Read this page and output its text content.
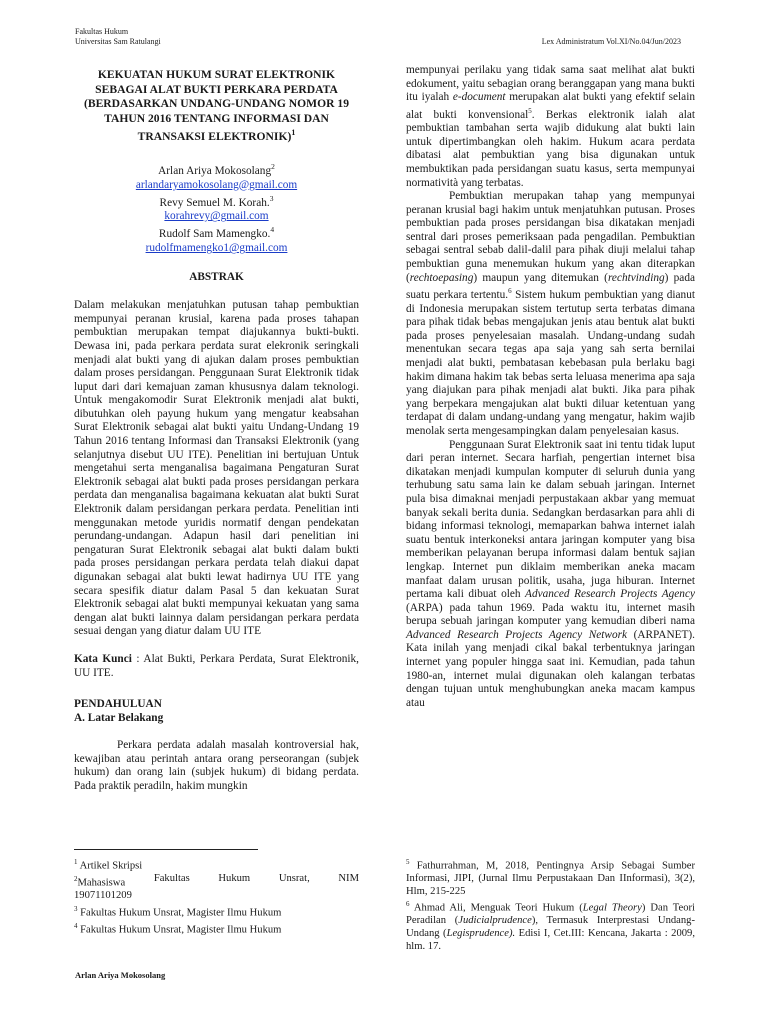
Fakultas Hukum
Universitas Sam Ratulangi	Lex Administratum Vol.XI/No.04/Jun/2023
KEKUATAN HUKUM SURAT ELEKTRONIK SEBAGAI ALAT BUKTI PERKARA PERDATA (BERDASARKAN UNDANG-UNDANG NOMOR 19 TAHUN 2016 TENTANG INFORMASI DAN TRANSAKSI ELEKTRONIK)$^1$
Arlan Ariya Mokosolang$^2$
arlandaryamokosolang@gmail.com
Revy Semuel M. Korah.$^3$
korahrevy@gmail.com
Rudolf Sam Mamengko.$^4$
rudolfmamengko1@gmail.com
ABSTRAK

Dalam melakukan menjatuhkan putusan tahap pembuktian mempunyai peranan krusial, karena pada proses tahapan pembuktian merupakan tempat diajukannya bukti-bukti. Dewasa ini, pada perkara perdata surat elekronik seringkali menjadi alat bukti yang di ajukan dalam proses pembuktian dalam proses persidangan. Penggunaan Surat Elektronik tidak luput dari dari kemajuan zaman khususnya dalam teknologi. Untuk mengakomodir Surat Elektronik menjadi alat bukti, dibutuhkan oleh payung hukum yang mengatur keabsahan Surat Elektronik sebagai alat bukti yaitu Undang-Undang 19 Tahun 2016 tentang Informasi dan Transaksi Elektronik (yang selanjutnya disebut UU ITE). Penelitian ini bertujuan Untuk mengetahui serta menganalisa bagaimana Pengaturan Surat Elektronik sebagai alat bukti pada proses persidangan perkara perdata dan menganalisa bagaimana kekuatan alat bukti Surat Elektronik dalam persidangan perkara perdata. Penelitian inti menggunakan metode yuridis normatif dengan pendekatan perundang-undangan. Adapun hasil dari penelitian ini pengaturan Surat Elektronik sebagai alat bukti dalam bukti pada proses persidangan perkara perdata telah diakui dapat digunakan sebagai alat bukti lewat hadirnya UU ITE yang secara spesifik diatur dalam Pasal 5 dan kekuatan Surat Elektronik sebagai alat bukti mempunyai kekuatan yang sama dengan alat bukti lainnya dalam persidangan perkara perdata sesuai dengan yang diatur dalam UU ITE

Kata Kunci : Alat Bukti, Perkara Perdata, Surat Elektronik, UU ITE.

PENDAHULUAN
A. Latar Belakang

Perkara perdata adalah masalah kontroversial hak, kewajiban atau perintah antara orang perseorangan (subjek hukum) dan orang lain (subjek hukum) di bidang perdata. Pada praktik peradiln, hakim mungkin

mempunyai perilaku yang tidak sama saat melihat alat bukti edokument, yaitu sebagian orang beranggapan yang mana bukti itu iyalah e-document merupakan alat bukti yang efektif selain alat bukti konvensional$^5$. Berkas elektronik ialah alat pembuktian tambahan serta wajib didukung alat bukti lain untuk dipertimbangkan oleh hakim. Hukum acara perdata dibatasi alat pembuktian yang bisa digunakan untuk membuktikan pada persidangan suatu kasus, serta mempunyai normatività yang terbatas.

Pembuktian merupakan tahap yang mempunyai peranan krusial bagi hakim untuk menjatuhkan putusan. Proses pembuktian pada proses persidangan bisa dikatakan menjadi sentral dari proses pemeriksaan pada pengadilan. Pembuktian sebagai sentral sebab dalil-dalil para pihak diuji melalui tahap pembuktian guna menemukan hukum yang akan diterapkan (rechtoepasing) maupun yang ditemukan (rechtvinding) pada suatu perkara tertentu.$^6$ Sistem hukum pembuktian yang dianut di Indonesia merupakan sistem tertutup serta terbatas dimana para pihak tidak bebas mengajukan jenis atau bentuk alat bukti pada proses penyelesaian masalah. Undang-undang sudah menentukan secara tegas apa saja yang sah serta bernilai menjadi alat bukti, pembatasan kebebasan pula berlaku bagi hakim dimana hakim tak bebas serta leluasa menerima apa saja yang diajukan para pihak menjadi alat bukti. Jika para pihak yang berpekara mengajukan alat bukti diluar ketentuan yang terdapat di dalam undang-undang yang mengatur, hakim wajib menolak serta mengesampingkan dalam penyelesaian kasus.

Penggunaan Surat Elektronik saat ini tentu tidak luput dari peran internet. Secara harfiah, pengertian internet bisa dikatakan menjadi kumpulan komputer di seluruh dunia yang terhubung satu sama lain ke dalam sebuah jaringan. Internet pula bisa dimaknai menjadi perpustakaan akbar yang memuat banyak sekali berita dunia. Sedangkan berdasarkan para ahli di bidang informasi teknologi, memaparkan bahwa internet ialah suatu bentuk interkoneksi antara jaringan komputer yang bisa memberikan pelayanan berupa informasi dalam bentuk sajian lengkap. Internet pun diklaim memberikan aneka macam manfaat dalam urusan politik, usaha, juga hiburan. Internet pertama kali dibuat oleh Advanced Research Projects Agency (ARPA) pada tahun 1969. Pada waktu itu, internet masih berupa sebuah jaringan komputer yang kemudian diberi nama Advanced Research Projects Agency Network (ARPANET). Kata inilah yang menjadi cikal bakal terbentuknya jaringan internet yang populer hingga saat ini. Kemudian, pada tahun 1980-an, internet mulai digunakan oleh kalangan terbatas dengan tujuan untuk menghubungkan aneka macam kampus atau

$^1$ Artikel Skripsi
$^2$Mahasiswa	Fakultas	Hukum	Unsrat,	NIM
19071101209
$^3$ Fakultas Hukum Unsrat, Magister Ilmu Hukum
$^4$ Fakultas Hukum Unsrat, Magister Ilmu Hukum
$^5$ Fathurrahman, M, 2018, Pentingnya Arsip Sebagai Sumber Informasi, JIPI, (Jurnal Ilmu Perpustakaan Dan IInformasi), 3(2), Hlm, 215-225
$^6$ Ahmad Ali, Menguak Teori Hukum (Legal Theory) Dan Teori Peradilan (Judicialprudence), Termasuk Interprestasi Undang-Undang (Legisprudence). Edisi I, Cet.III: Kencana, Jakarta : 2009, hlm. 17.
Arlan Ariya Mokosolang
